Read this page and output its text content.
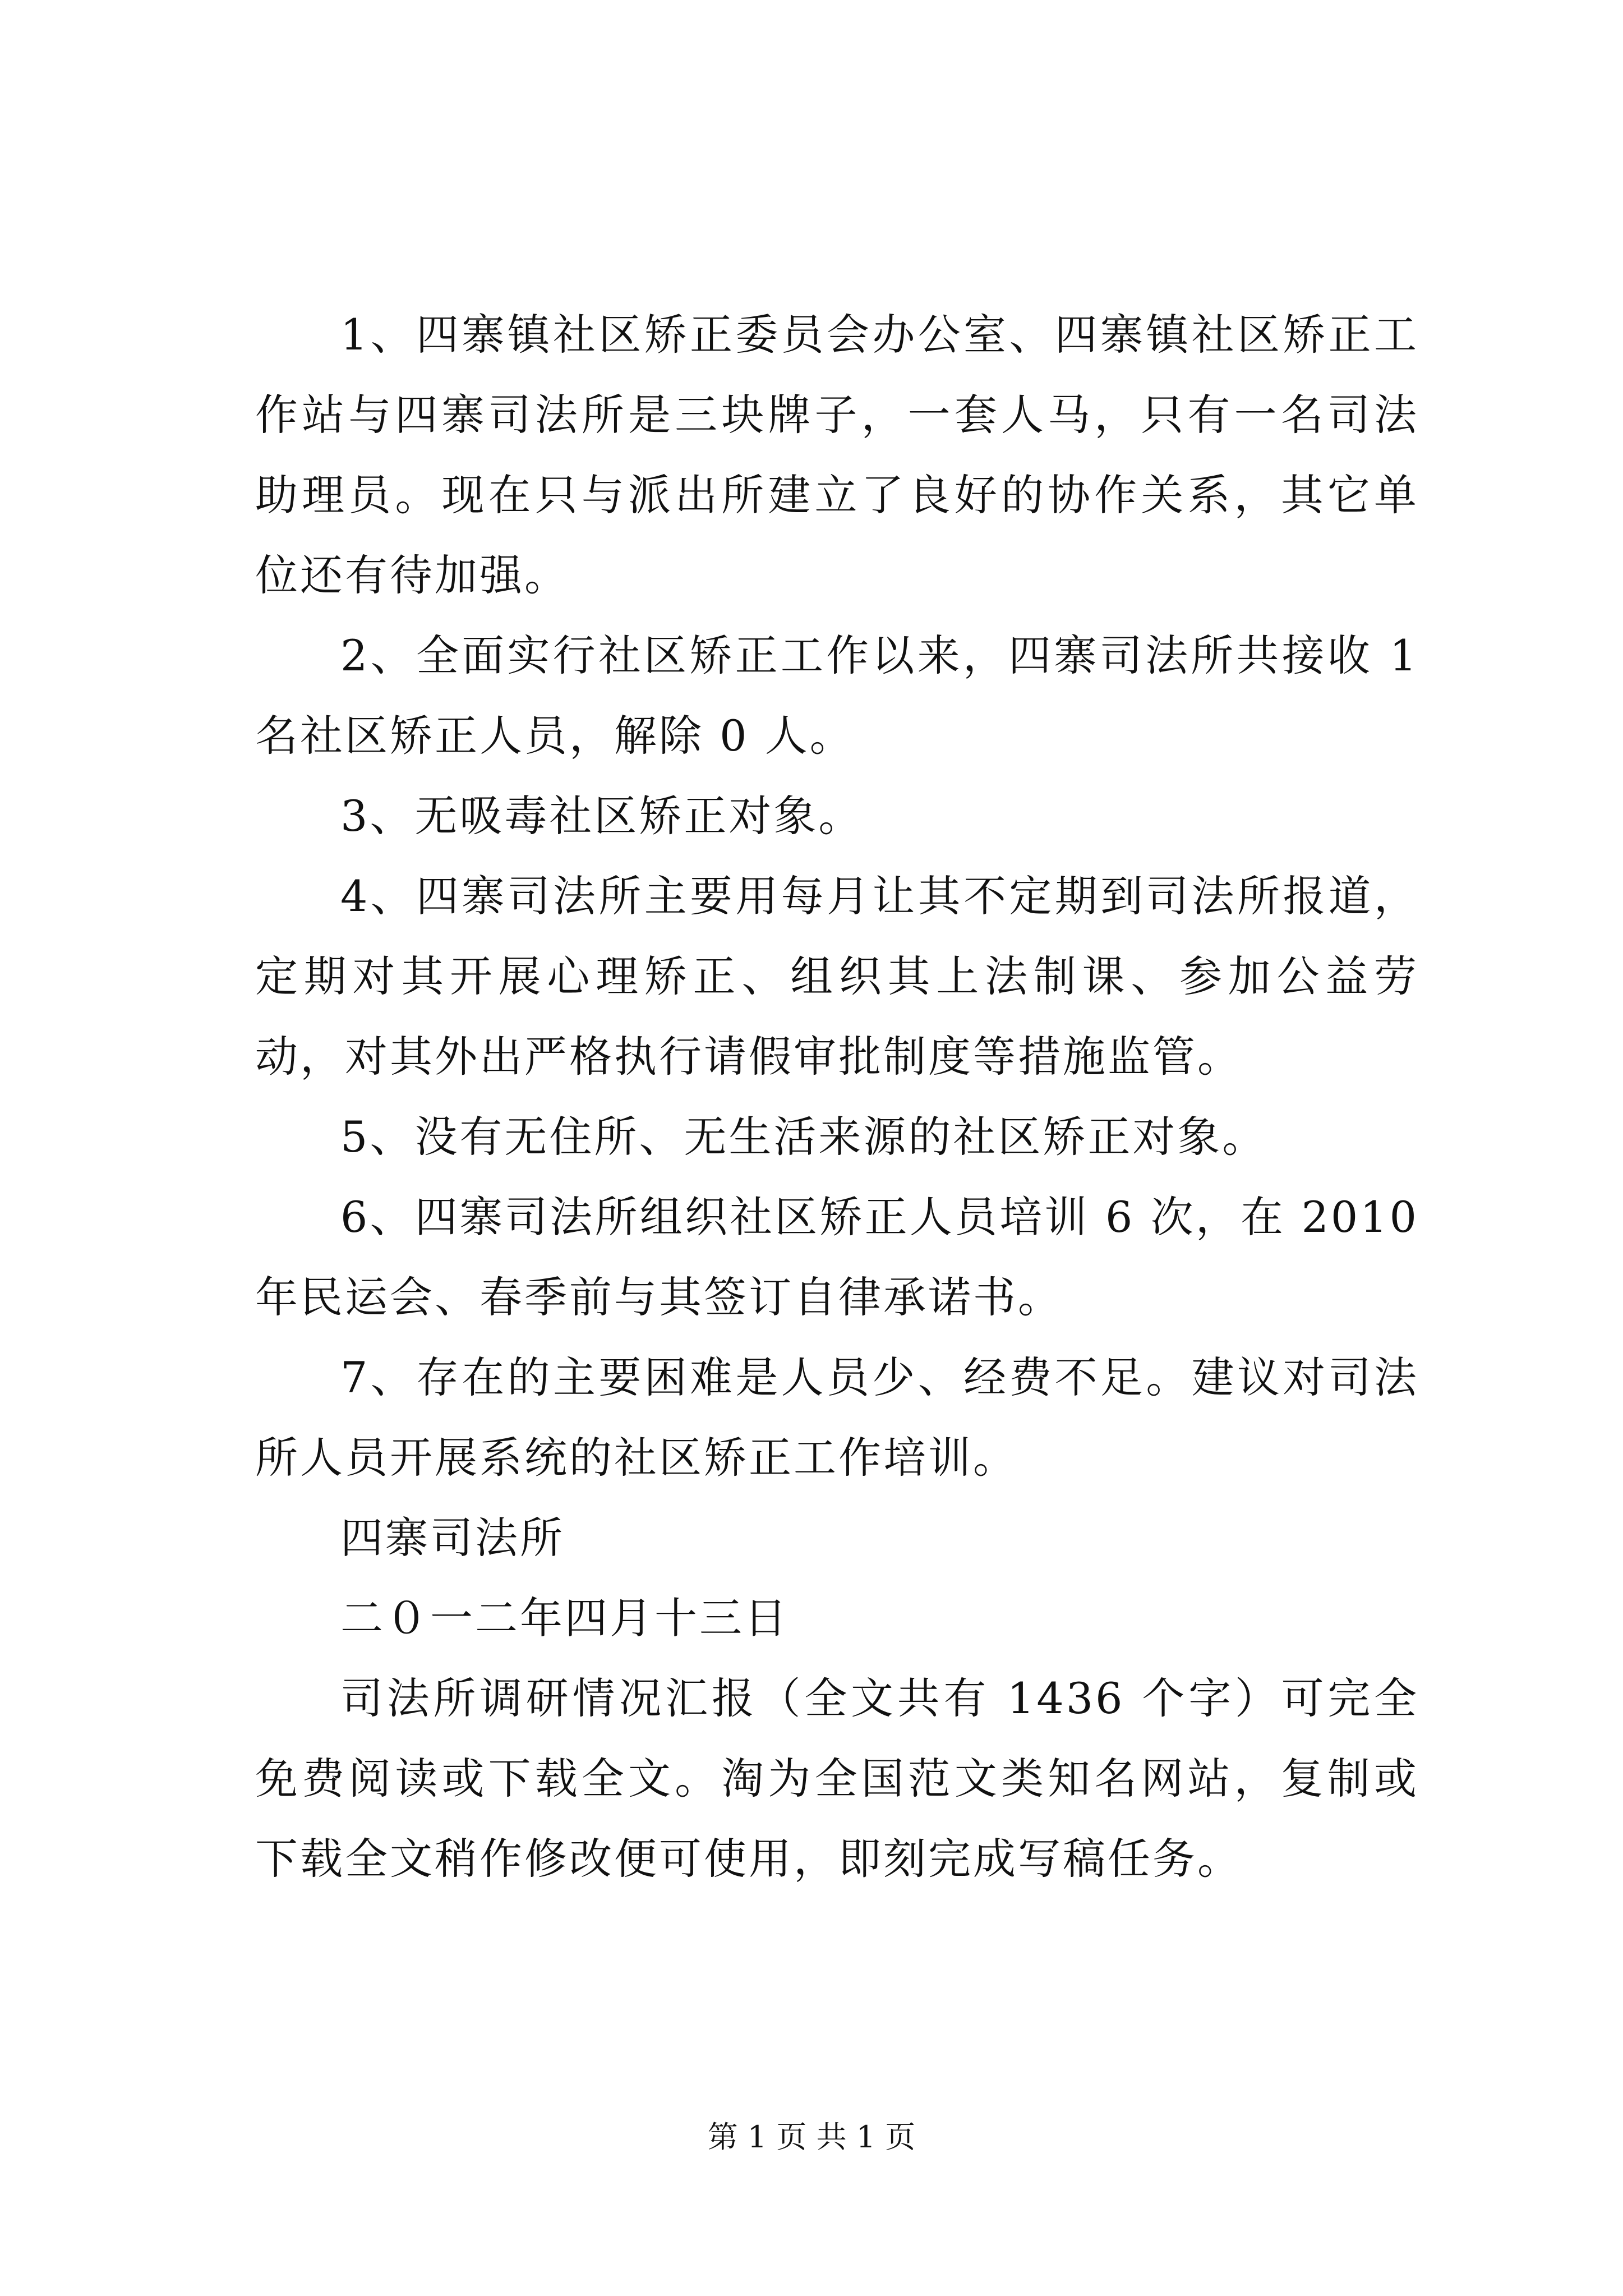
1、四寨镇社区矫正委员会办公室、四寨镇社区矫正工作站与四寨司法所是三块牌子，一套人马，只有一名司法助理员。现在只与派出所建立了良好的协作关系，其它单位还有待加强。

2、全面实行社区矫正工作以来，四寨司法所共接收 1 名社区矫正人员，解除 0 人。

3、无吸毒社区矫正对象。

4、四寨司法所主要用每月让其不定期到司法所报道，定期对其开展心理矫正、组织其上法制课、参加公益劳动，对其外出严格执行请假审批制度等措施监管。

5、没有无住所、无生活来源的社区矫正对象。

6、四寨司法所组织社区矫正人员培训 6 次，在 2010 年民运会、春季前与其签订自律承诺书。

7、存在的主要困难是人员少、经费不足。建议对司法所人员开展系统的社区矫正工作培训。

四寨司法所

二０一二年四月十三日

司法所调研情况汇报（全文共有 1436 个字）可完全免费阅读或下载全文。淘为全国范文类知名网站，复制或下载全文稍作修改便可使用，即刻完成写稿任务。

第 1 页 共 1 页
